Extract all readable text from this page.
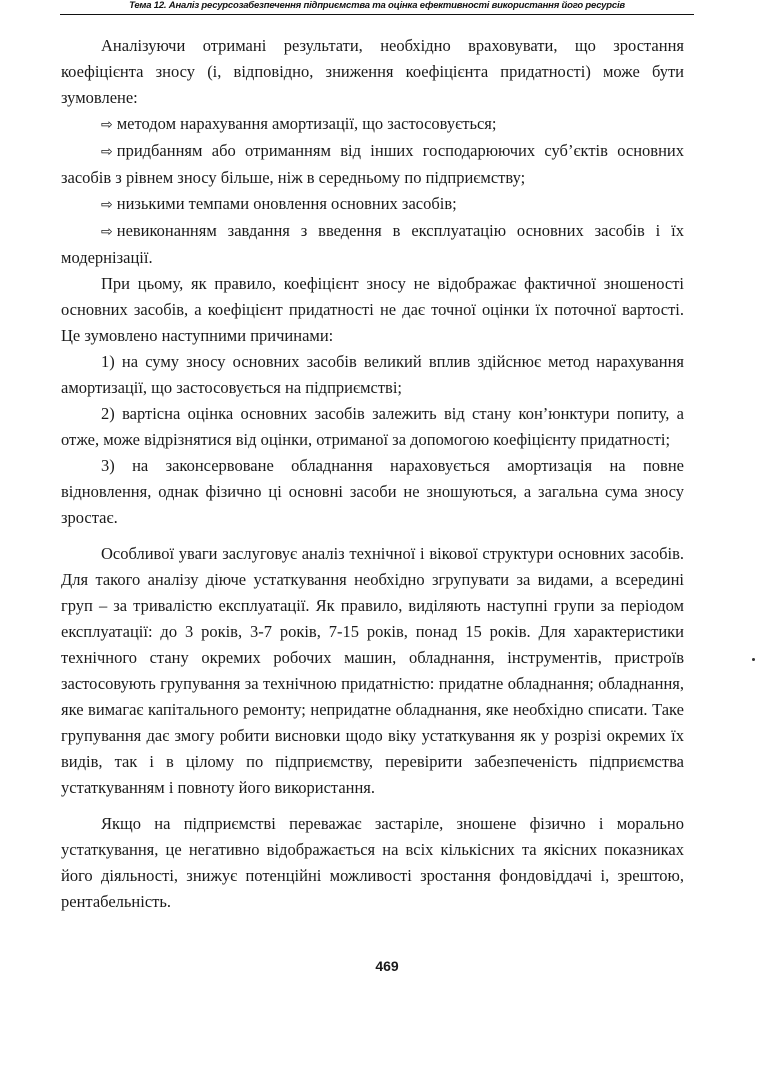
Тема 12. Аналіз ресурсозабезпечення підприємства та оцінка ефективності використання його ресурсів

Аналізуючи отримані результати, необхідно враховувати, що зростання коефіцієнта зносу (і, відповідно, зниження коефіцієнта придатності) може бути зумовлене:

⇨ методом нарахування амортизації, що застосовується;

⇨ придбанням або отриманням від інших господарюючих суб’єктів основних засобів з рівнем зносу більше, ніж в середньому по підприємству;

⇨ низькими темпами оновлення основних засобів;

⇨ невиконанням завдання з введення в експлуатацію основних засобів і їх модернізації.

При цьому, як правило, коефіцієнт зносу не відображає фактичної зношеності основних засобів, а коефіцієнт придатності не дає точної оцінки їх поточної вартості. Це зумовлено наступними причинами:

1) на суму зносу основних засобів великий вплив здійснює метод нарахування амортизації, що застосовується на підприємстві;

2) вартісна оцінка основних засобів залежить від стану кон’юнктури попиту, а отже, може відрізнятися від оцінки, отриманої за допомогою коефіцієнту придатності;

3) на законсервоване обладнання нараховується амортизація на повне відновлення, однак фізично ці основні засоби не зношуються, а загальна сума зносу зростає.

Особливої уваги заслуговує аналіз технічної і вікової структури основних засобів. Для такого аналізу діюче устаткування необхідно згрупувати за видами, а всередині груп – за тривалістю експлуатації. Як правило, виділяють наступні групи за періодом експлуатації: до 3 років, 3-7 років, 7-15 років, понад 15 років. Для характеристики технічного стану окремих робочих машин, обладнання, інструментів, пристроїв застосовують групування за технічною придатністю: придатне обладнання; обладнання, яке вимагає капітального ремонту; непридатне обладнання, яке необхідно списати. Таке групування дає змогу робити висновки щодо віку устаткування як у розрізі окремих їх видів, так і в цілому по підприємству, перевірити забезпеченість підприємства устаткуванням і повноту його використання.

Якщо на підприємстві переважає застаріле, зношене фізично і морально устаткування, це негативно відображається на всіх кількісних та якісних показниках його діяльності, знижує потенційні можливості зростання фондовіддачі і, зрештою, рентабельність.

469
